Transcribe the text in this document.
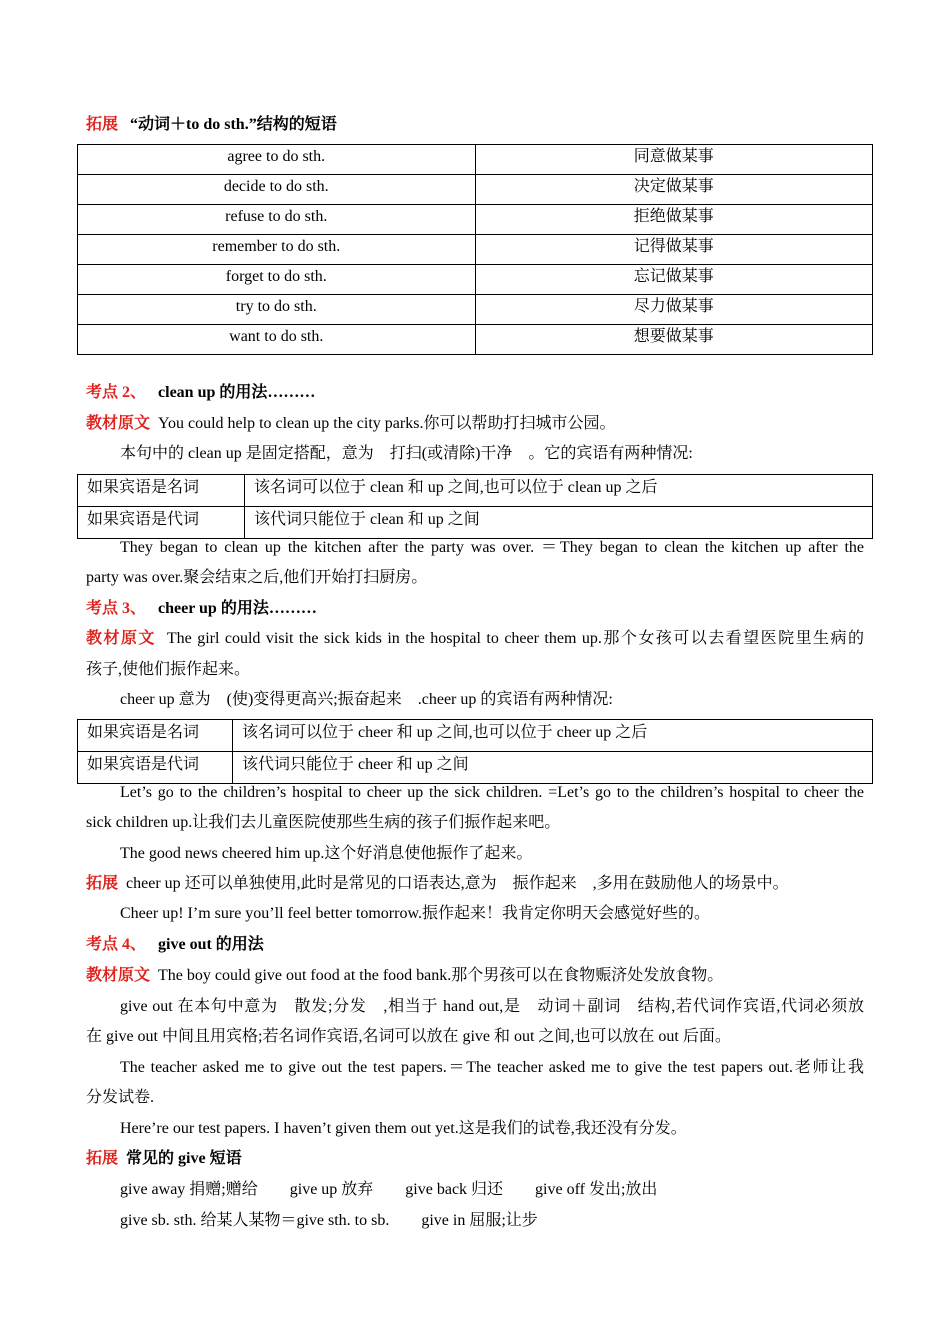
拓展 “动词＋to do sth.”结构的短语
agree to do sth.	同意做某事
decide to do sth.	决定做某事
refuse to do sth.	拒绝做某事
remember to do sth.	记得做某事
forget to do sth.	忘记做某事
try to do sth.	尽力做某事
want to do sth.	想要做某事
考点 2、 clean up 的用法………
教材原文 You could help to clean up the city parks.你可以帮助打扫城市公园。
本句中的 clean up 是固定搭配，意为　打扫(或清除)干净　。它的宾语有两种情况:
如果宾语是名词	该名词可以位于 clean 和 up 之间,也可以位于 clean up 之后
如果宾语是代词	该代词只能位于 clean 和 up 之间
They began to clean up the kitchen after the party was over. ＝They began to clean the kitchen up after the
party was over.聚会结束之后,他们开始打扫厨房。
考点 3、 cheer up 的用法………
教材原文 The girl could visit the sick kids in the hospital to cheer them up.那个女孩可以去看望医院里生病的
孩子,使他们振作起来。
cheer up 意为　(使)变得更高兴;振奋起来　.cheer up 的宾语有两种情况:
如果宾语是名词	该名词可以位于 cheer 和 up 之间,也可以位于 cheer up 之后
如果宾语是代词	该代词只能位于 cheer 和 up 之间
Let’s go to the children’s hospital to cheer up the sick children. =Let’s go to the children’s hospital to cheer the
sick children up.让我们去儿童医院使那些生病的孩子们振作起来吧。
The good news cheered him up.这个好消息使他振作了起来。
拓展 cheer up 还可以单独使用,此时是常见的口语表达,意为　振作起来　,多用在鼓励他人的场景中。
Cheer up! I’m sure you’ll feel better tomorrow.振作起来！我肯定你明天会感觉好些的。
考点 4、 give out 的用法
教材原文 The boy could give out food at the food bank.那个男孩可以在食物赈济处发放食物。
give out 在本句中意为　散发;分发　,相当于 hand out,是　动词＋副词　结构,若代词作宾语,代词必须放
在 give out 中间且用宾格;若名词作宾语,名词可以放在 give 和 out 之间,也可以放在 out 后面。
The teacher asked me to give out the test papers.＝The teacher asked me to give the test papers out.老师让我
分发试卷.
Here’re our test papers. I haven’t given them out yet.这是我们的试卷,我还没有分发。
拓展 常见的 give 短语
give away 捐赠;赠给　　give up 放弃　　give back 归还　　give off 发出;放出
give sb. sth. 给某人某物＝give sth. to sb.　　give in 屈服;让步
